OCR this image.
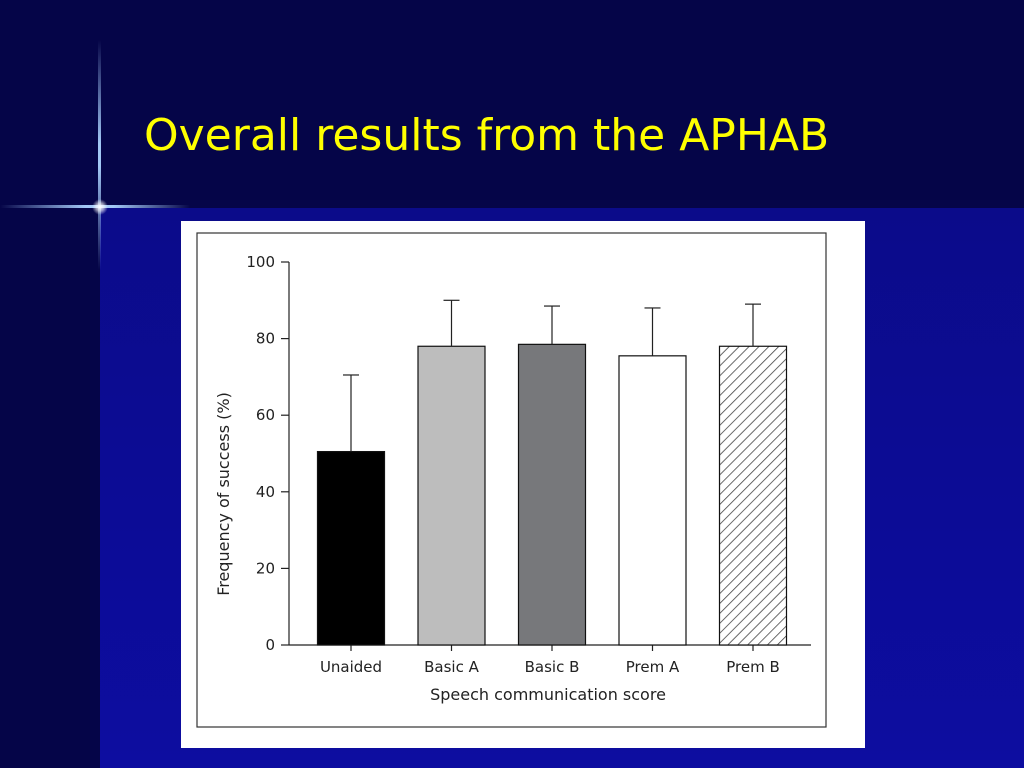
Overall results from the APHAB
0
20
40
60
80
100
Unaided	Basic A	Basic B	Prem A	Prem B
Speech communication score
Frequency of success (%)
